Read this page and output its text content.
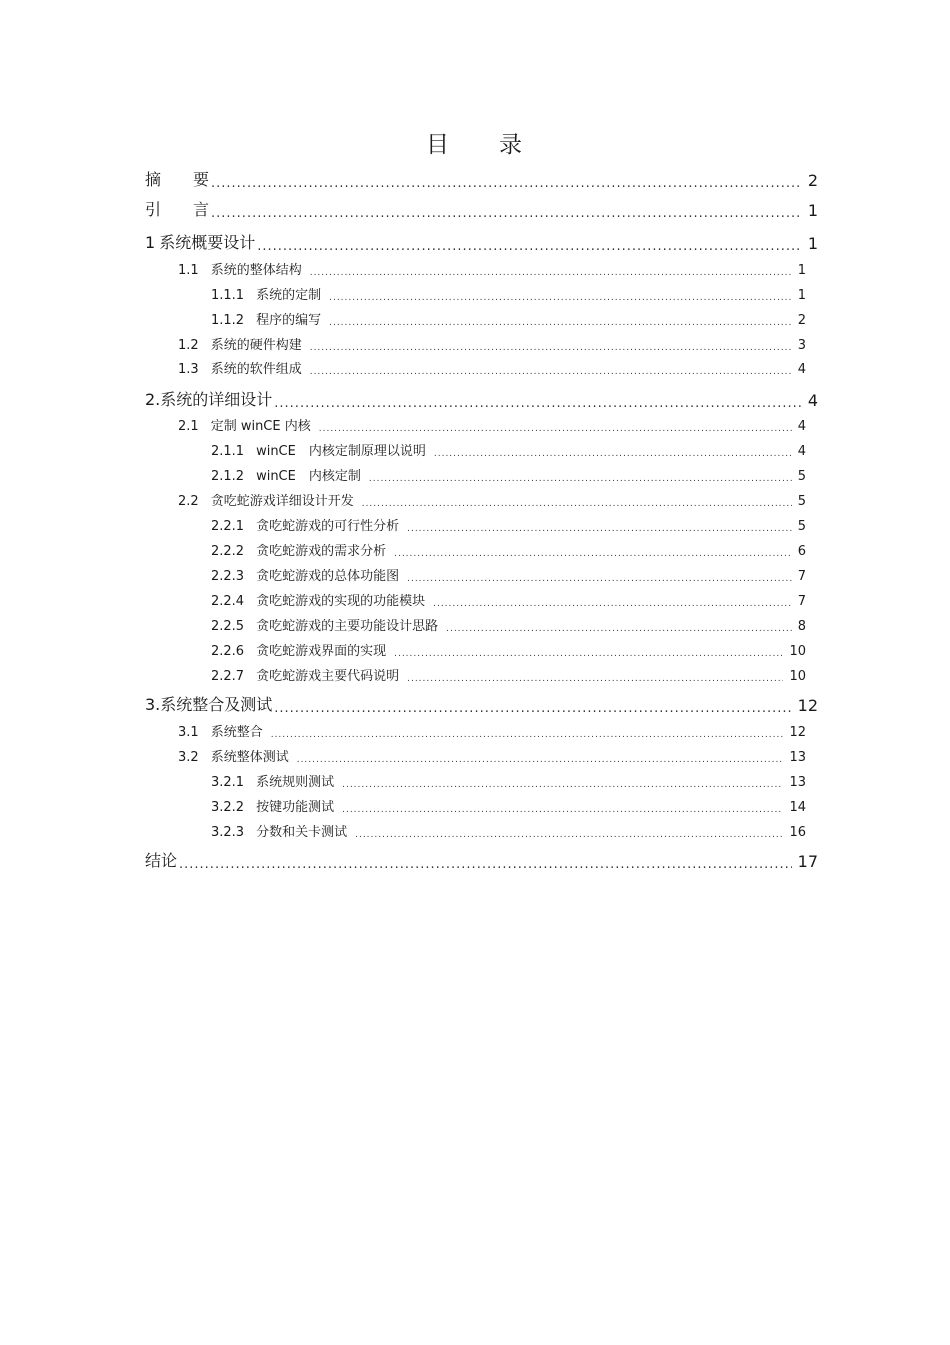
目 录
摘　　要 .....	2
引　　言 .....	1
1 系统概要设计 .....	1
1.1 系统的整体结构 .....	1
1.1.1 系统的定制 .....	1
1.1.2 程序的编写 .....	2
1.2 系统的硬件构建 .....	3
1.3 系统的软件组成 .....	4
2.系统的详细设计 .....	4
2.1 定制 winCE 内核 .....	4
2.1.1 winCE　内核定制原理以说明 .....	4
2.1.2 winCE　内核定制 .....	5
2.2 贪吃蛇游戏详细设计开发 .....	5
2.2.1 贪吃蛇游戏的可行性分析 .....	5
2.2.2 贪吃蛇游戏的需求分析 .....	6
2.2.3 贪吃蛇游戏的总体功能图 .....	7
2.2.4 贪吃蛇游戏的实现的功能模块 .....	7
2.2.5 贪吃蛇游戏的主要功能设计思路 .....	8
2.2.6 贪吃蛇游戏界面的实现 .....	10
2.2.7 贪吃蛇游戏主要代码说明 .....	10
3.系统整合及测试 .....	12
3.1 系统整合 .....	12
3.2 系统整体测试 .....	13
3.2.1 系统规则测试 .....	13
3.2.2 按键功能测试 .....	14
3.2.3 分数和关卡测试 .....	16
结论 .....	17
